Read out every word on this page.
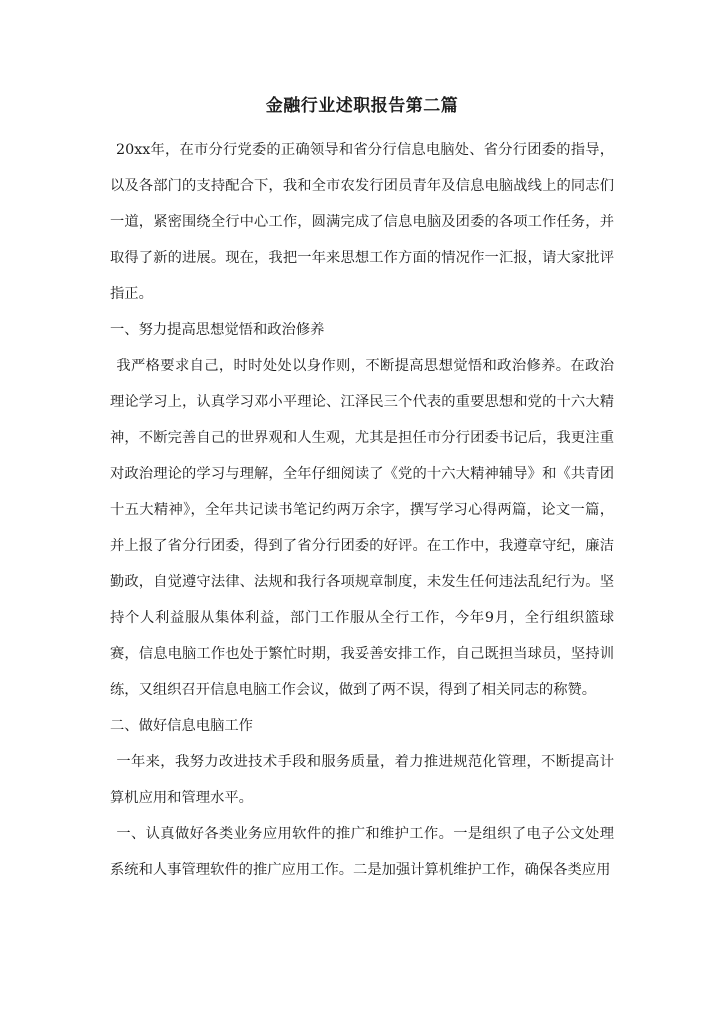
金融行业述职报告第二篇

20xx年，在市分行党委的正确领导和省分行信息电脑处、省分行团委的指导，以及各部门的支持配合下，我和全市农发行团员青年及信息电脑战线上的同志们一道，紧密围绕全行中心工作，圆满完成了信息电脑及团委的各项工作任务，并取得了新的进展。现在，我把一年来思想工作方面的情况作一汇报，请大家批评指正。

一、努力提高思想觉悟和政治修养

我严格要求自己，时时处处以身作则，不断提高思想觉悟和政治修养。在政治理论学习上，认真学习邓小平理论、江泽民三个代表的重要思想和党的十六大精神，不断完善自己的世界观和人生观，尤其是担任市分行团委书记后，我更注重对政治理论的学习与理解，全年仔细阅读了《党的十六大精神辅导》和《共青团十五大精神》，全年共记读书笔记约两万余字，撰写学习心得两篇，论文一篇，并上报了省分行团委，得到了省分行团委的好评。在工作中，我遵章守纪，廉洁勤政，自觉遵守法律、法规和我行各项规章制度，未发生任何违法乱纪行为。坚持个人利益服从集体利益，部门工作服从全行工作，今年9月，全行组织篮球赛，信息电脑工作也处于繁忙时期，我妥善安排工作，自己既担当球员，坚持训练，又组织召开信息电脑工作会议，做到了两不误，得到了相关同志的称赞。

二、做好信息电脑工作

一年来，我努力改进技术手段和服务质量，着力推进规范化管理，不断提高计算机应用和管理水平。

一、认真做好各类业务应用软件的推广和维护工作。一是组织了电子公文处理系统和人事管理软件的推广应用工作。二是加强计算机维护工作，确保各类应用
